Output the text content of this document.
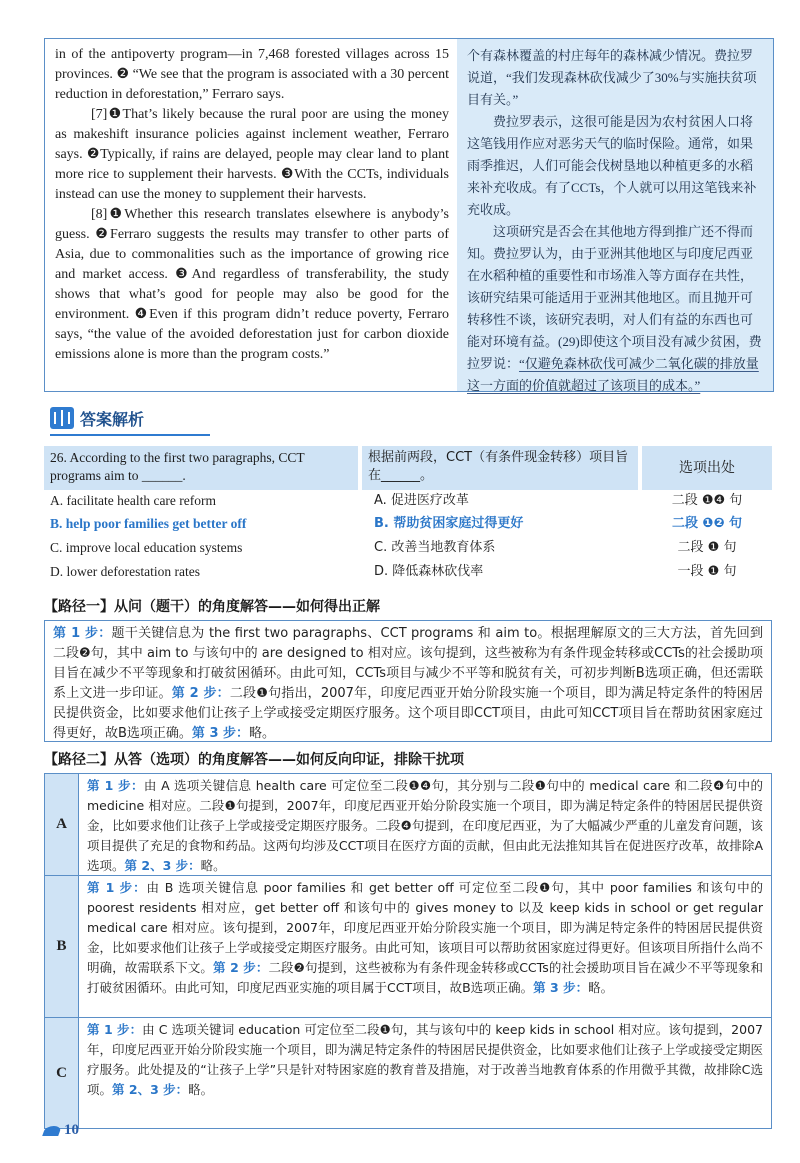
in of the antipoverty program—in 7,468 forested villages across 15 provinces. ❷ “We see that the program is associated with a 30 percent reduction in deforestation,” Ferraro says.

[7]❶That’s likely because the rural poor are using the money as makeshift insurance policies against inclement weather, Ferraro says. ❷Typically, if rains are delayed, people may clear land to plant more rice to supplement their harvests. ❸With the CCTs, individuals instead can use the money to supplement their harvests.

[8]❶Whether this research translates elsewhere is anybody’s guess. ❷Ferraro suggests the results may transfer to other parts of Asia, due to commonalities such as the importance of growing rice and market access. ❸And regardless of transferability, the study shows that what’s good for people may also be good for the environment. ❹Even if this program didn’t reduce poverty, Ferraro says, “the value of the avoided deforestation just for carbon dioxide emissions alone is more than the program costs.”

个有森林覆盖的村庄每年的森林减少情况。费拉罗说道，“我们发现森林砍伐减少了30%与实施扶贫项目有关。”

费拉罗表示，这很可能是因为农村贫困人口将这笔钱用作应对恶劣天气的临时保险。通常，如果雨季推迟，人们可能会伐树垦地以种植更多的水稻来补充收成。有了CCTs，个人就可以用这笔钱来补充收成。

这项研究是否会在其他地方得到推广还不得而知。费拉罗认为，由于亚洲其他地区与印度尼西亚在水稻种植的重要性和市场准入等方面存在共性，该研究结果可能适用于亚洲其他地区。而且抛开可转移性不谈，该研究表明，对人们有益的东西也可能对环境有益。(29)即使这个项目没有减少贫困，费拉罗说：“仅避免森林砍伐可减少二氧化碳的排放量这一方面的价值就超过了该项目的成本。”

答案解析
26. According to the first two paragraphs, CCT programs aim to ______.
根据前两段，CCT（有条件现金转移）项目旨在______。	选项出处
A. facilitate health care reform	A. 促进医疗改革	二段 ❶❹ 句
B. help poor families get better off	B. 帮助贫困家庭过得更好	二段 ❶❷ 句
C. improve local education systems	C. 改善当地教育体系	二段 ❶ 句
D. lower deforestation rates	D. 降低森林砍伐率	一段 ❶ 句
【路径一】从问（题干）的角度解答——如何得出正解
第 1 步：题干关键信息为 the first two paragraphs、CCT programs 和 aim to。根据理解原文的三大方法，首先回到二段❷句，其中 aim to 与该句中的 are designed to 相对应。该句提到，这些被称为有条件现金转移或CCTs的社会援助项目旨在减少不平等现象和打破贫困循环。由此可知，CCTs项目与减少不平等和脱贫有关，可初步判断B选项正确，但还需联系上文进一步印证。第 2 步：二段❶句指出，2007年，印度尼西亚开始分阶段实施一个项目，即为满足特定条件的特困居民提供资金，比如要求他们让孩子上学或接受定期医疗服务。这个项目即CCT项目，由此可知CCT项目旨在帮助贫困家庭过得更好，故B选项正确。第 3 步：略。
【路径二】从答（选项）的角度解答——如何反向印证，排除干扰项
A
第 1 步：由 A 选项关键信息 health care 可定位至二段❶❹句，其分别与二段❶句中的 medical care 和二段❹句中的 medicine 相对应。二段❶句提到，2007年，印度尼西亚开始分阶段实施一个项目，即为满足特定条件的特困居民提供资金，比如要求他们让孩子上学或接受定期医疗服务。二段❹句提到，在印度尼西亚，为了大幅减少严重的儿童发育问题，该项目提供了充足的食物和药品。这两句均涉及CCT项目在医疗方面的贡献，但由此无法推知其旨在促进医疗改革，故排除A选项。第 2、3 步：略。
B
第 1 步：由 B 选项关键信息 poor families 和 get better off 可定位至二段❶句，其中 poor families 和该句中的 poorest residents 相对应，get better off 和该句中的 gives money to 以及 keep kids in school or get regular medical care 相对应。该句提到，2007年，印度尼西亚开始分阶段实施一个项目，即为满足特定条件的特困居民提供资金，比如要求他们让孩子上学或接受定期医疗服务。由此可知，该项目可以帮助贫困家庭过得更好。但该项目所指什么尚不明确，故需联系下文。第 2 步：二段❷句提到，这些被称为有条件现金转移或CCTs的社会援助项目旨在减少不平等现象和打破贫困循环。由此可知，印度尼西亚实施的项目属于CCT项目，故B选项正确。第 3 步：略。
C
第 1 步：由 C 选项关键词 education 可定位至二段❶句，其与该句中的 keep kids in school 相对应。该句提到，2007年，印度尼西亚开始分阶段实施一个项目，即为满足特定条件的特困居民提供资金，比如要求他们让孩子上学或接受定期医疗服务。此处提及的“让孩子上学”只是针对特困家庭的教育普及措施，对于改善当地教育体系的作用微乎其微，故排除C选项。第 2、3 步：略。
10
